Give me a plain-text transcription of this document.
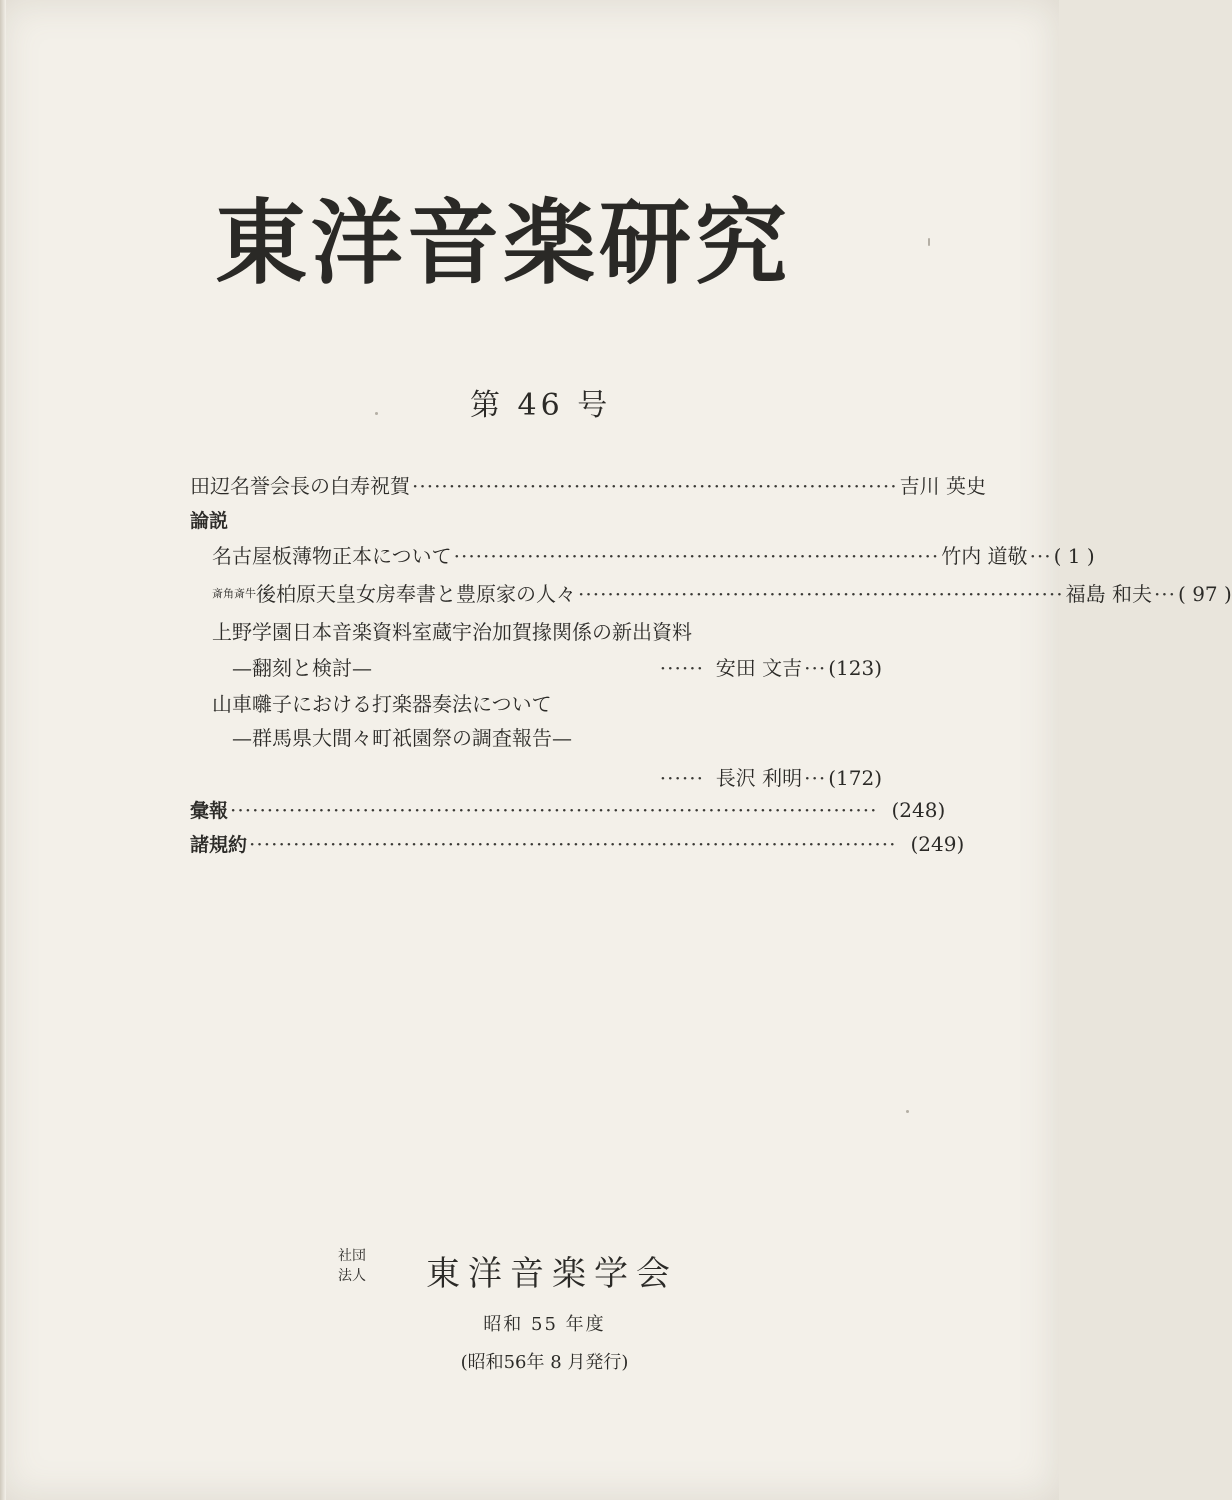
東洋音楽研究
第 46 号
田辺名誉会長の白寿祝賀 ·································································· 吉川 英史
論説
名古屋板薄物正本について ·································································· 竹内 道敬 ··· ( 1 )
$^{斎角斎牛}$後柏原天皇女房奉書と豊原家の人々 ·································································· 福島 和夫 ··· ( 97 )
上野学園日本音楽資料室蔵宇治加賀掾関係の新出資料
—翻刻と検討—	······ 安田 文吉 ··· (123)
山車囃子における打楽器奏法について
—群馬県大間々町祇園祭の調査報告—
······ 長沢 利明 ··· (172)
彙報 ························································································ (248)
諸規約 ························································································ (249)
社団
法人	東洋音楽学会
昭和 55 年度
(昭和56年 8 月発行)
